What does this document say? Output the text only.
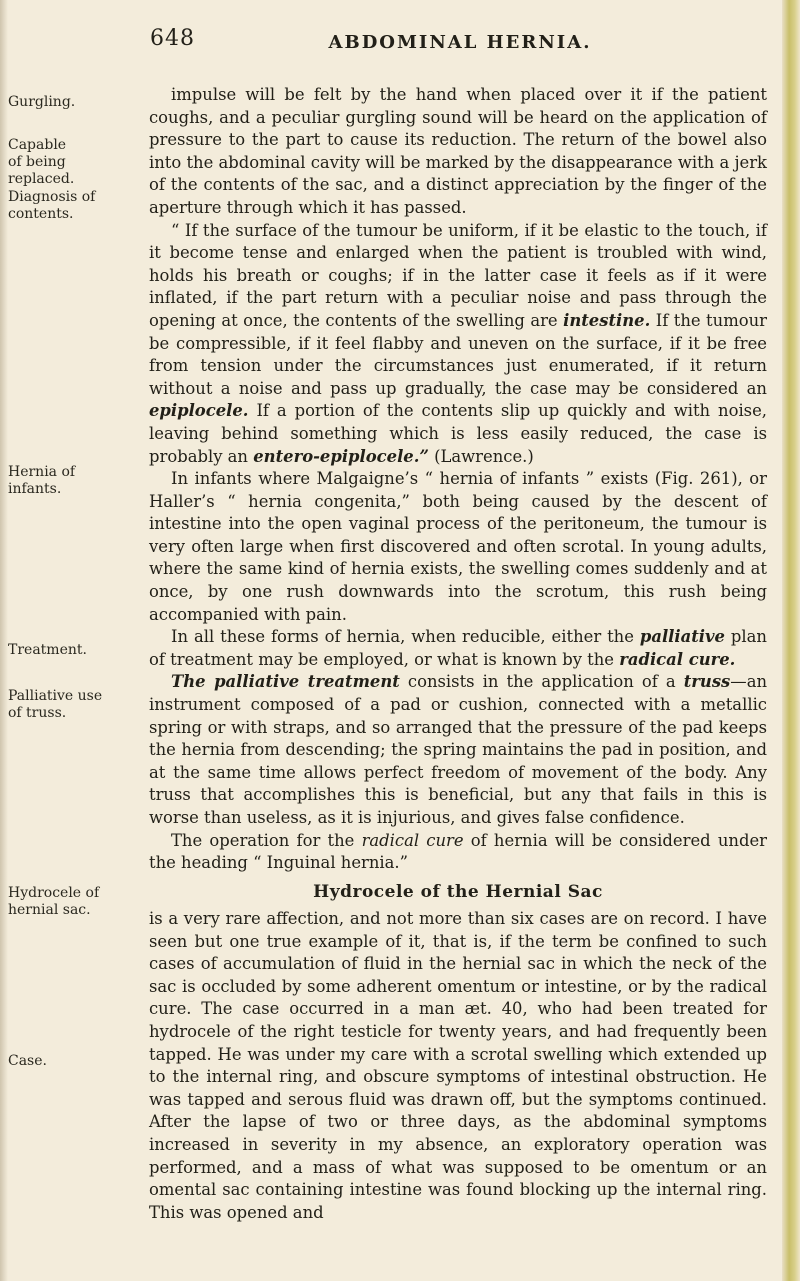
648	ABDOMINAL HERNIA.
Gurgling.
Capable of being replaced.
Diagnosis of contents.
Hernia of infants.
Treatment.
Palliative use of truss.
Hydrocele of hernial sac.
Case.

impulse will be felt by the hand when placed over it if the patient coughs, and a peculiar gurgling sound will be heard on the application of pressure to the part to cause its reduction. The return of the bowel also into the abdominal cavity will be marked by the disappearance with a jerk of the contents of the sac, and a distinct appreciation by the finger of the aperture through which it has passed.

“ If the surface of the tumour be uniform, if it be elastic to the touch, if it become tense and enlarged when the patient is troubled with wind, holds his breath or coughs; if in the latter case it feels as if it were inflated, if the part return with a peculiar noise and pass through the opening at once, the contents of the swelling are intestine. If the tumour be compressible, if it feel flabby and uneven on the surface, if it be free from tension under the circumstances just enumerated, if it return without a noise and pass up gradually, the case may be considered an epiplocele. If a portion of the contents slip up quickly and with noise, leaving behind something which is less easily reduced, the case is probably an entero-epiplocele.” (Lawrence.)

In infants where Malgaigne’s “ hernia of infants ” exists (Fig. 261), or Haller’s “ hernia congenita,” both being caused by the descent of intestine into the open vaginal process of the peritoneum, the tumour is very often large when first discovered and often scrotal. In young adults, where the same kind of hernia exists, the swelling comes suddenly and at once, by one rush downwards into the scrotum, this rush being accompanied with pain.

In all these forms of hernia, when reducible, either the palliative plan of treatment may be employed, or what is known by the radical cure.

The palliative treatment consists in the application of a truss—an instrument composed of a pad or cushion, connected with a metallic spring or with straps, and so arranged that the pressure of the pad keeps the hernia from descending; the spring maintains the pad in position, and at the same time allows perfect freedom of movement of the body. Any truss that accomplishes this is beneficial, but any that fails in this is worse than useless, as it is injurious, and gives false confidence.

The operation for the radical cure of hernia will be considered under the heading “ Inguinal hernia.”

Hydrocele of the Hernial Sac

is a very rare affection, and not more than six cases are on record. I have seen but one true example of it, that is, if the term be confined to such cases of accumulation of fluid in the hernial sac in which the neck of the sac is occluded by some adherent omentum or intestine, or by the radical cure. The case occurred in a man æt. 40, who had been treated for hydrocele of the right testicle for twenty years, and had frequently been tapped. He was under my care with a scrotal swelling which extended up to the internal ring, and obscure symptoms of intestinal obstruction. He was tapped and serous fluid was drawn off, but the symptoms continued. After the lapse of two or three days, as the abdominal symptoms increased in severity in my absence, an exploratory operation was performed, and a mass of what was supposed to be omentum or an omental sac containing intestine was found blocking up the internal ring. This was opened and
